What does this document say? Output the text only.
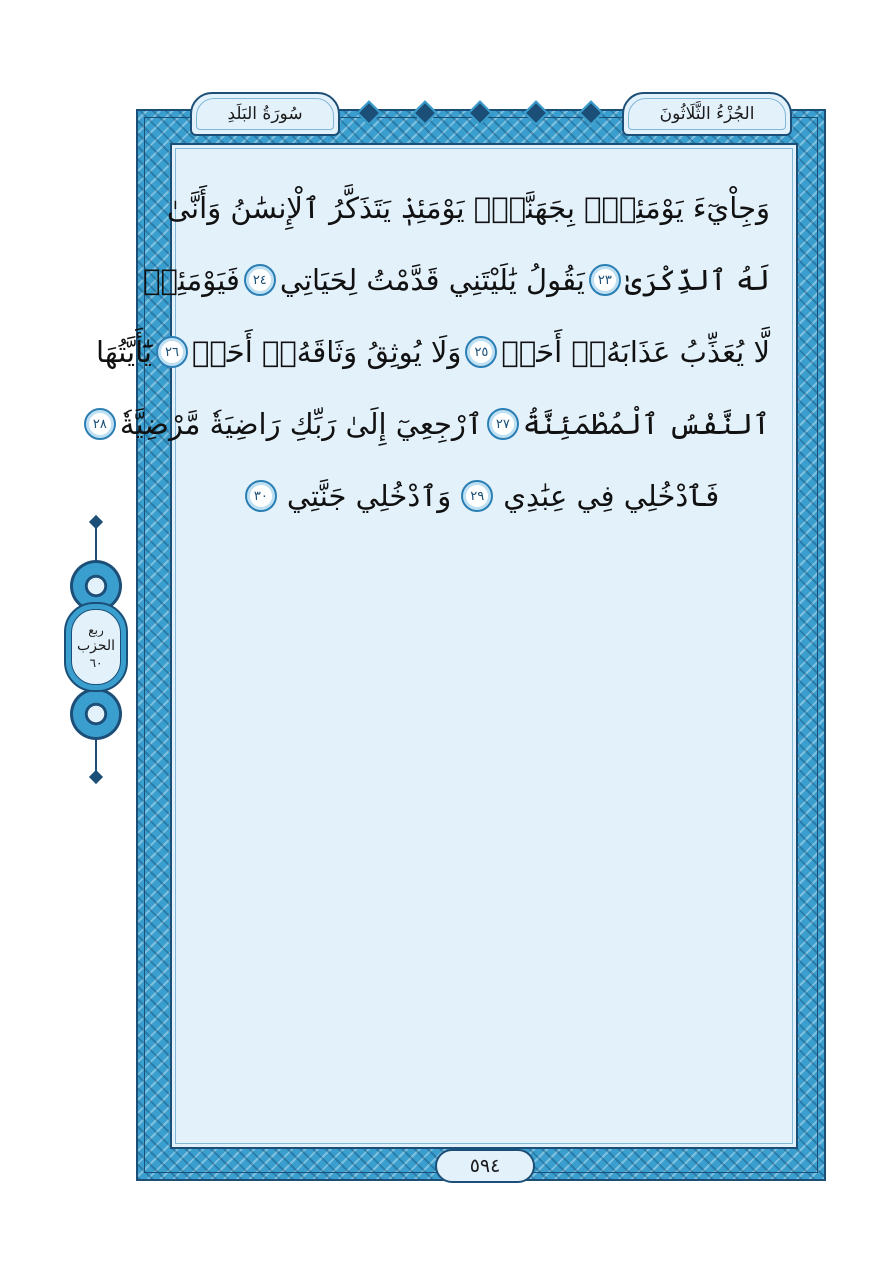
الجُزْءُ الثَّلَاثُونَ
سُورَةُ البَلَدِ
وَجِاْيٓءَ يَوْمَئِذِۭ بِجَهَنَّمَۚ يَوْمَئِذٖ يَتَذَكَّرُ ٱلْإِنسَٰنُ وَأَنَّىٰ
لَهُ ٱلذِّكْرَىٰ
٢٣
يَقُولُ يَٰلَيْتَنِي قَدَّمْتُ لِحَيَاتِي
٢٤
فَيَوْمَئِذٖ
لَّا يُعَذِّبُ عَذَابَهُۥٓ أَحَدٞ
٢٥
وَلَا يُوثِقُ وَثَاقَهُۥٓ أَحَدٞ
٢٦
يَٰٓأَيَّتُهَا
ٱلنَّفْسُ ٱلْمُطْمَئِنَّةُ
٢٧
ٱرْجِعِيٓ إِلَىٰ رَبِّكِ رَاضِيَةٗ مَّرْضِيَّةٗ
٢٨
فَٱدْخُلِي فِي عِبَٰدِي
٢٩
وَٱدْخُلِي جَنَّتِي
٣٠
٥٩٤
ربع
الحزب
٦٠
